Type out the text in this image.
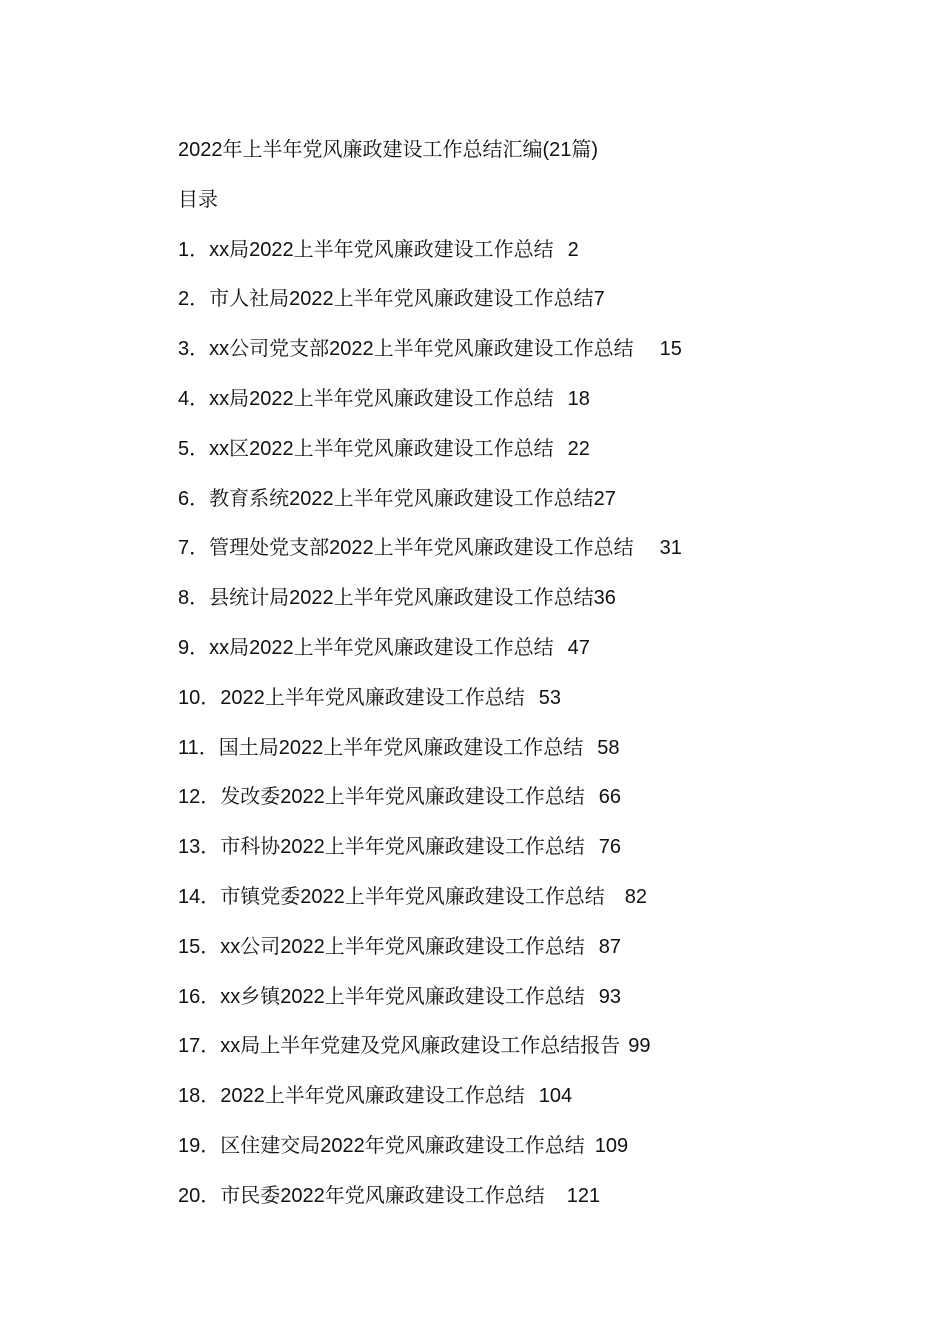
2022年上半年党风廉政建设工作总结汇编(21篇)
目录
1． xx局2022上半年党风廉政建设工作总结 2
2． 市人社局2022上半年党风廉政建设工作总结 7
3． xx公司党支部2022上半年党风廉政建设工作总结 15
4． xx局2022上半年党风廉政建设工作总结 18
5． xx区2022上半年党风廉政建设工作总结 22
6． 教育系统2022上半年党风廉政建设工作总结 27
7． 管理处党支部2022上半年党风廉政建设工作总结 31
8． 县统计局2022上半年党风廉政建设工作总结 36
9． xx局2022上半年党风廉政建设工作总结 47
10． 2022上半年党风廉政建设工作总结 53
11． 国土局2022上半年党风廉政建设工作总结 58
12． 发改委2022上半年党风廉政建设工作总结 66
13． 市科协2022上半年党风廉政建设工作总结 76
14． 市镇党委2022上半年党风廉政建设工作总结 82
15． xx公司2022上半年党风廉政建设工作总结 87
16． xx乡镇2022上半年党风廉政建设工作总结 93
17． xx局上半年党建及党风廉政建设工作总结报告 99
18． 2022上半年党风廉政建设工作总结 104
19． 区住建交局2022年党风廉政建设工作总结 109
20． 市民委2022年党风廉政建设工作总结 121
